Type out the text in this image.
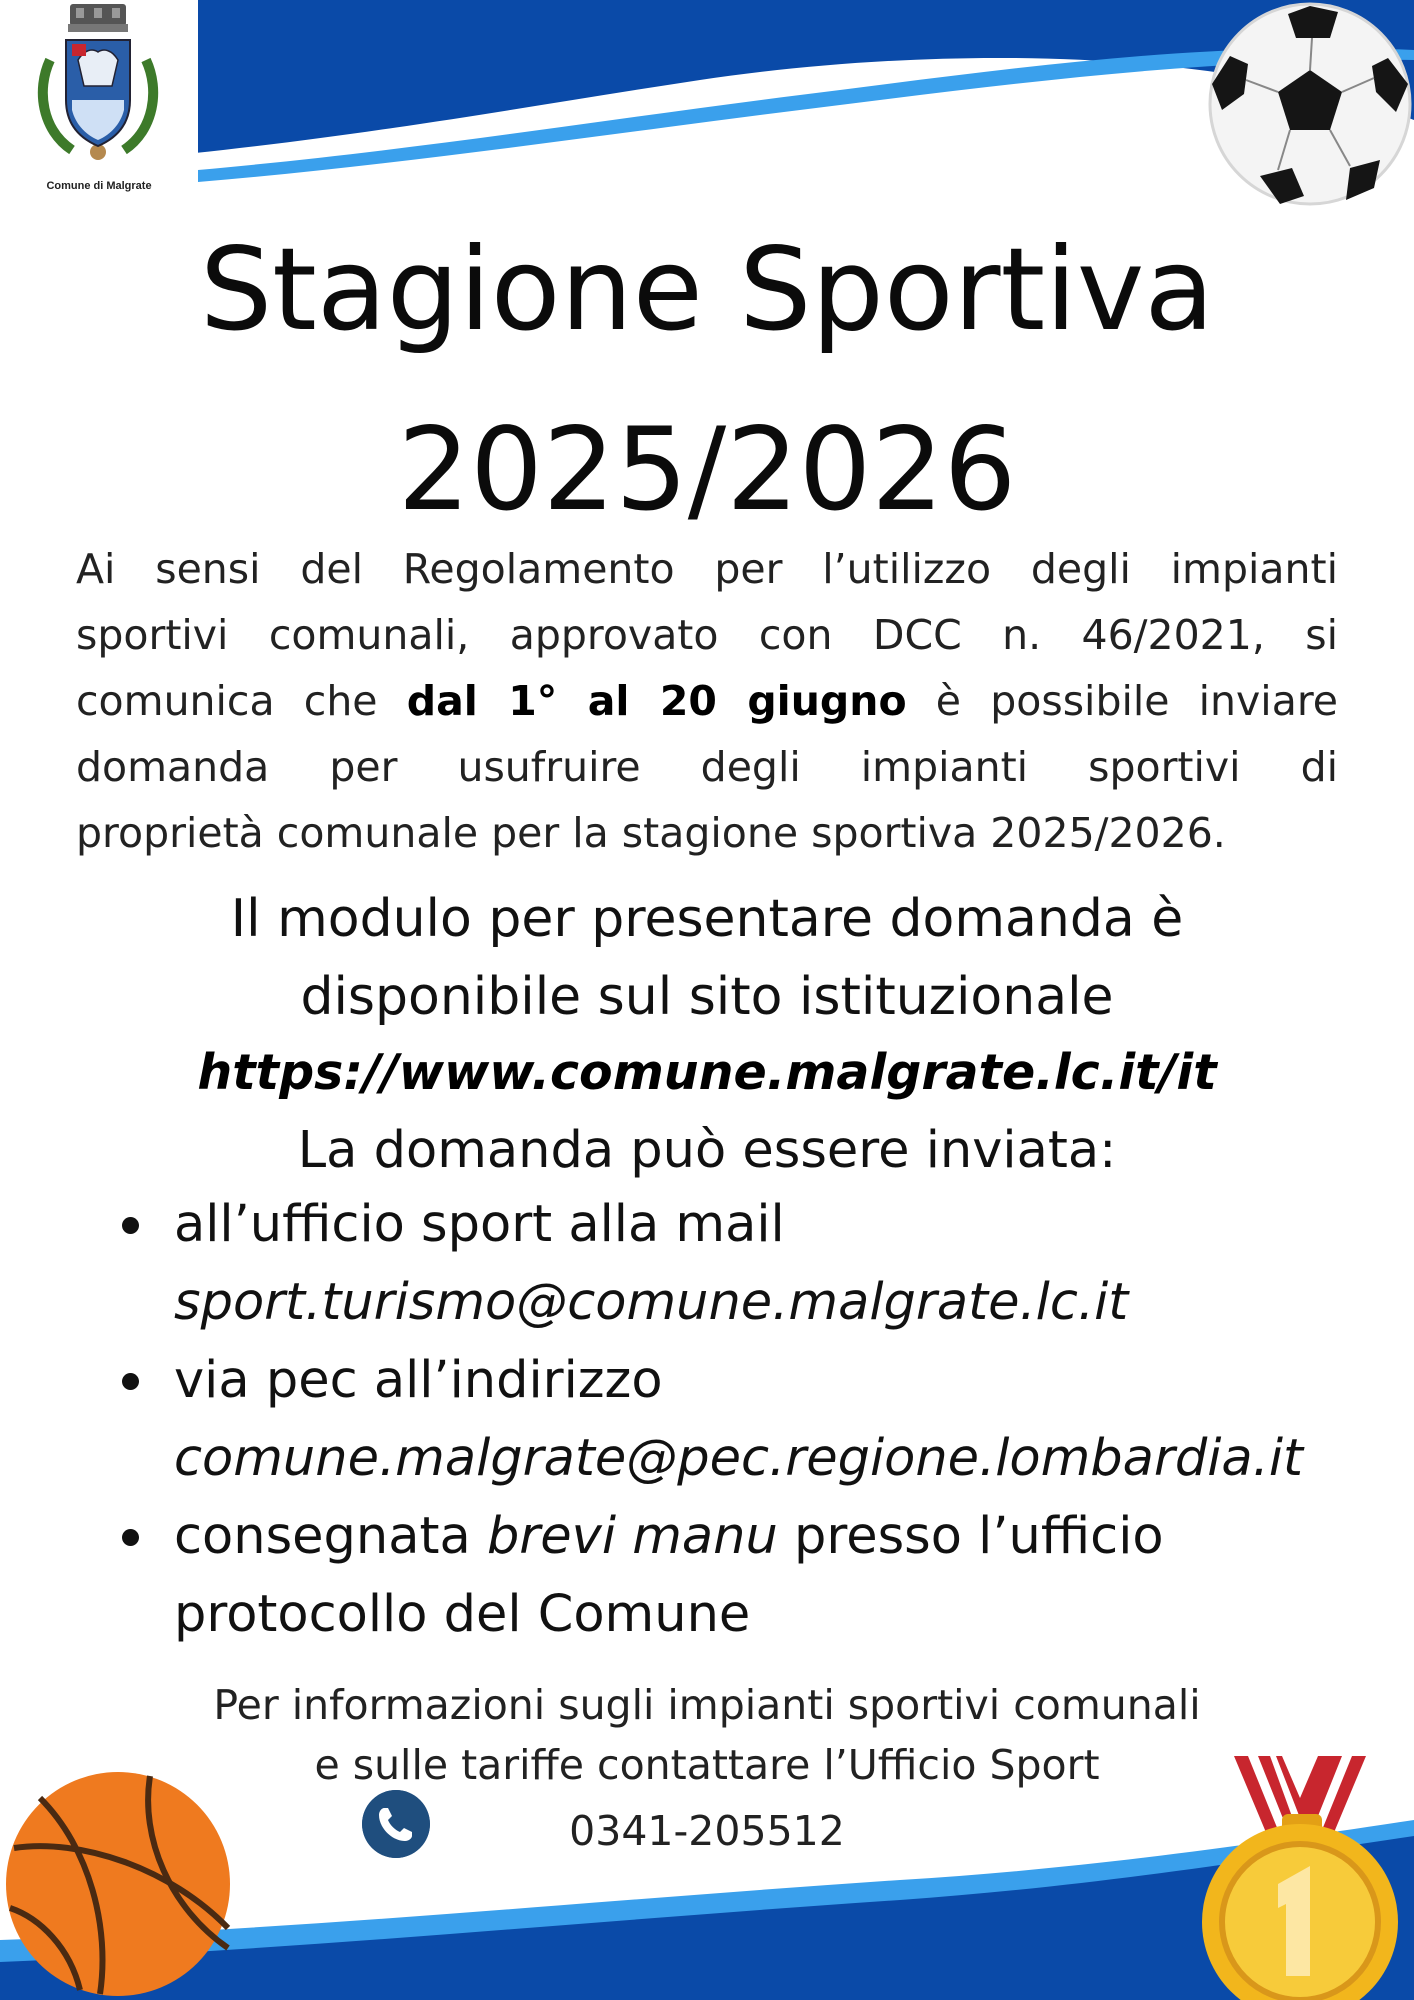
Comune di Malgrate
Stagione Sportiva
2025/2026
Ai sensi del Regolamento per l’utilizzo degli impianti
sportivi comunali, approvato con DCC n. 46/2021, si
comunica che dal 1° al 20 giugno è possibile inviare
domanda per usufruire degli impianti sportivi di
proprietà comunale per la stagione sportiva 2025/2026.
Il modulo per presentare domanda è
disponibile sul sito istituzionale
https://www.comune.malgrate.lc.it/it
La domanda può essere inviata:
all’ufficio sport alla mail
sport.turismo@comune.malgrate.lc.it
via pec all’indirizzo
comune.malgrate@pec.regione.lombardia.it
consegnata brevi manu presso l’ufficio
protocollo del Comune
Per informazioni sugli impianti sportivi comunali
e sulle tariffe contattare l’Ufficio Sport
0341-205512
